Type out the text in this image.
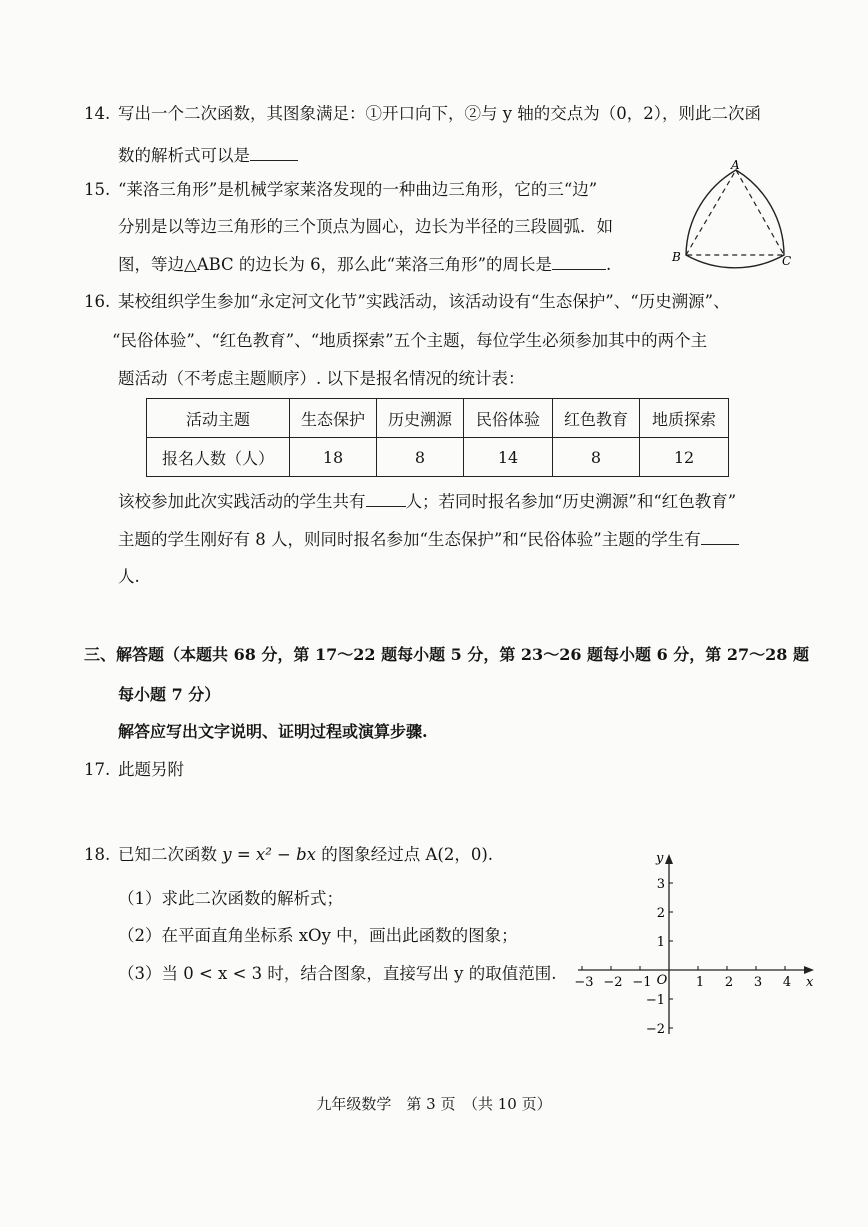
14. 写出一个二次函数，其图象满足：①开口向下，②与 y 轴的交点为（0，2），则此二次函
数的解析式可以是
15. “莱洛三角形”是机械学家莱洛发现的一种曲边三角形，它的三“边”
分别是以等边三角形的三个顶点为圆心，边长为半径的三段圆弧．如
图，等边△ABC 的边长为 6，那么此“莱洛三角形”的周长是	.
A
B	C
16. 某校组织学生参加“永定河文化节”实践活动，该活动设有“生态保护”、“历史溯源”、
“民俗体验”、“红色教育”、“地质探索”五个主题，每位学生必须参加其中的两个主
题活动（不考虑主题顺序）. 以下是报名情况的统计表：
活动主题	生态保护	历史溯源	民俗体验	红色教育	地质探索
报名人数（人）	18	8	14	8	12
该校参加此次实践活动的学生共有 人；若同时报名参加“历史溯源”和“红色教育”
主题的学生刚好有 8 人，则同时报名参加“生态保护”和“民俗体验”主题的学生有
人.
三、解答题（本题共 68 分，第 17～22 题每小题 5 分，第 23～26 题每小题 6 分，第 27～28 题
每小题 7 分）
解答应写出文字说明、证明过程或演算步骤.
17. 此题另附
18. 已知二次函数 y = x² − bx 的图象经过点 A(2，0).
（1）求此二次函数的解析式；
（2）在平面直角坐标系 xOy 中，画出此函数的图象；
（3）当 0 < x < 3 时，结合图象，直接写出 y 的取值范围. −3 −2 −1	1 2 3 4
O
3
2
1
−1
−2
x
y
九年级数学　第 3 页　（共 10 页）
